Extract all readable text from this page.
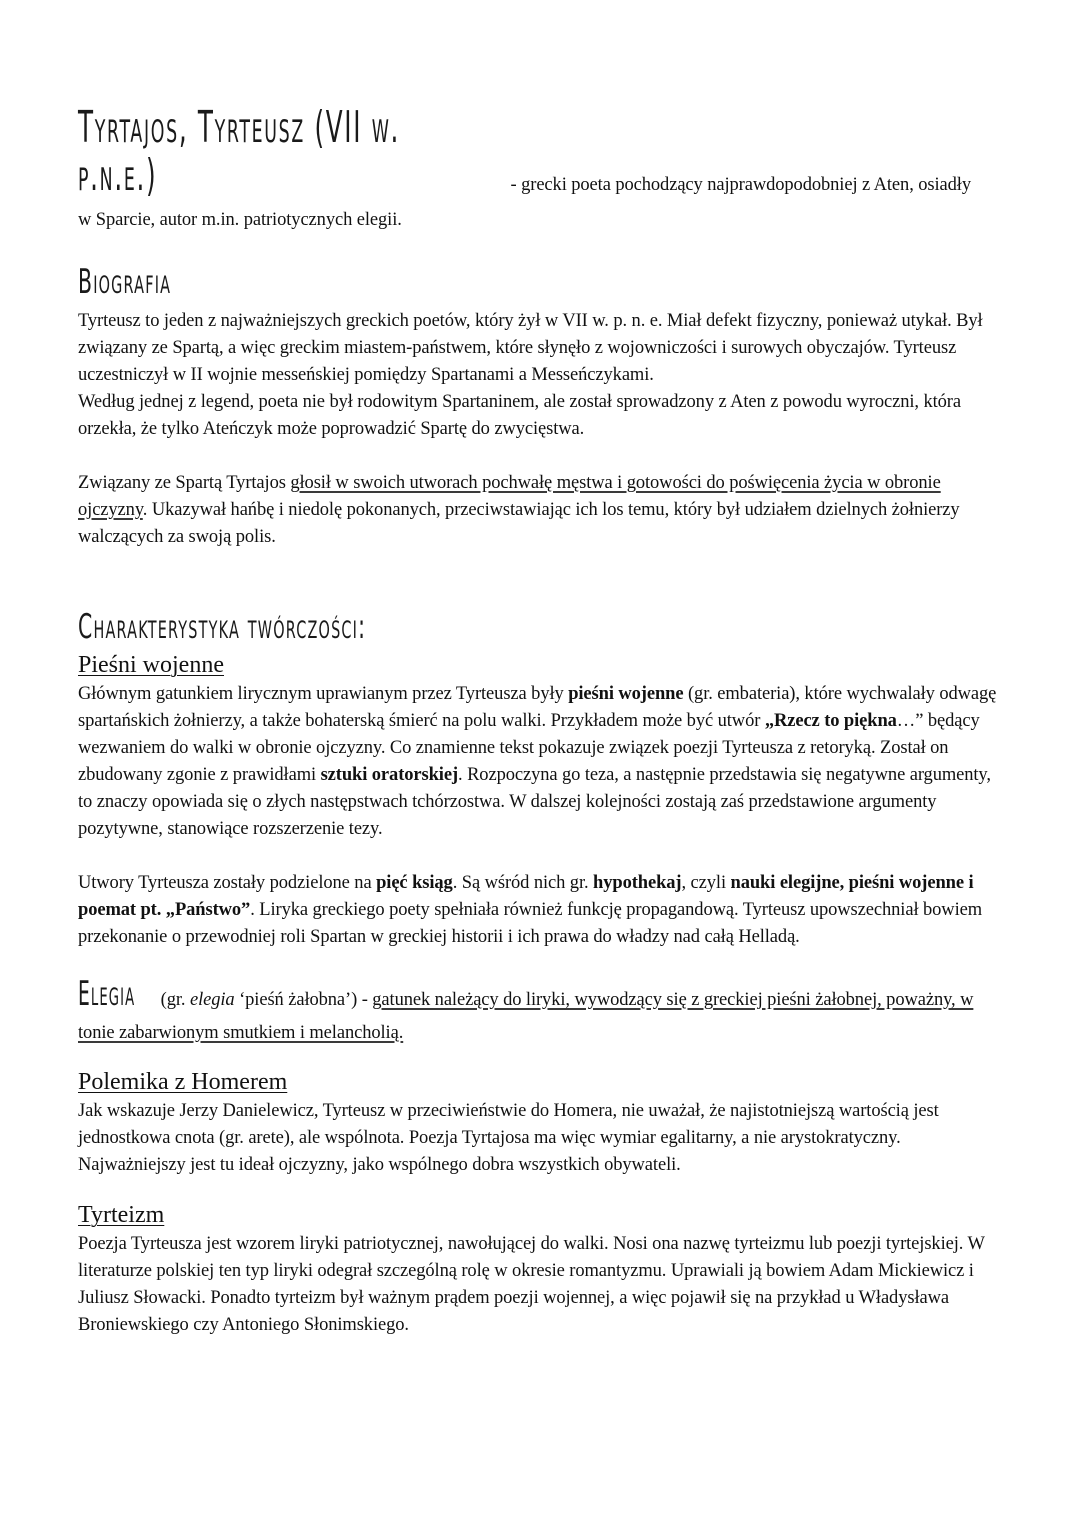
Tyrtajos, Tyrteusz (VII w. p.n.e.)	- grecki poeta pochodzący najprawdopodobniej z Aten, osiadły

w Sparcie, autor m.in. patriotycznych elegii.

Biografia

Tyrteusz to jeden z najważniejszych greckich poetów, który żył w VII w. p. n. e. Miał defekt fizyczny, ponieważ utykał. Był związany ze Spartą, a więc greckim miastem-państwem, które słynęło z wojowniczości i surowych obyczajów. Tyrteusz uczestniczył w II wojnie messeńskiej pomiędzy Spartanami a Messeńczykami.

Według jednej z legend, poeta nie był rodowitym Spartaninem, ale został sprowadzony z Aten z powodu wyroczni, która orzekła, że tylko Ateńczyk może poprowadzić Spartę do zwycięstwa.

Związany ze Spartą Tyrtajos głosił w swoich utworach pochwałę męstwa i gotowości do poświęcenia życia w obronie ojczyzny. Ukazywał hańbę i niedolę pokonanych, przeciwstawiając ich los temu, który był udziałem dzielnych żołnierzy walczących za swoją polis.

Charakterystyka twórczości:
Pieśni wojenne

Głównym gatunkiem lirycznym uprawianym przez Tyrteusza były pieśni wojenne (gr. embateria), które wychwalały odwagę spartańskich żołnierzy, a także bohaterską śmierć na polu walki. Przykładem może być utwór „Rzecz to piękna…” będący wezwaniem do walki w obronie ojczyzny. Co znamienne tekst pokazuje związek poezji Tyrteusza z retoryką. Został on zbudowany zgonie z prawidłami sztuki oratorskiej. Rozpoczyna go teza, a następnie przedstawia się negatywne argumenty, to znaczy opowiada się o złych następstwach tchórzostwa. W dalszej kolejności zostają zaś przedstawione argumenty pozytywne, stanowiące rozszerzenie tezy.

Utwory Tyrteusza zostały podzielone na pięć ksiąg. Są wśród nich gr. hypothekaj, czyli nauki elegijne, pieśni wojenne i poemat pt. „Państwo”. Liryka greckiego poety spełniała również funkcję propagandową. Tyrteusz upowszechniał bowiem przekonanie o przewodniej roli Spartan w greckiej historii i ich prawa do władzy nad całą Helladą.

Elegia (gr. elegia ‘pieśń żałobna’) - gatunek należący do liryki, wywodzący się z greckiej pieśni żałobnej, poważny, w tonie zabarwionym smutkiem i melancholią.

Polemika z Homerem

Jak wskazuje Jerzy Danielewicz, Tyrteusz w przeciwieństwie do Homera, nie uważał, że najistotniejszą wartością jest jednostkowa cnota (gr. arete), ale wspólnota. Poezja Tyrtajosa ma więc wymiar egalitarny, a nie arystokratyczny. Najważniejszy jest tu ideał ojczyzny, jako wspólnego dobra wszystkich obywateli.

Tyrteizm

Poezja Tyrteusza jest wzorem liryki patriotycznej, nawołującej do walki. Nosi ona nazwę tyrteizmu lub poezji tyrtejskiej. W literaturze polskiej ten typ liryki odegrał szczególną rolę w okresie romantyzmu. Uprawiali ją bowiem Adam Mickiewicz i Juliusz Słowacki. Ponadto tyrteizm był ważnym prądem poezji wojennej, a więc pojawił się na przykład u Władysława Broniewskiego czy Antoniego Słonimskiego.
